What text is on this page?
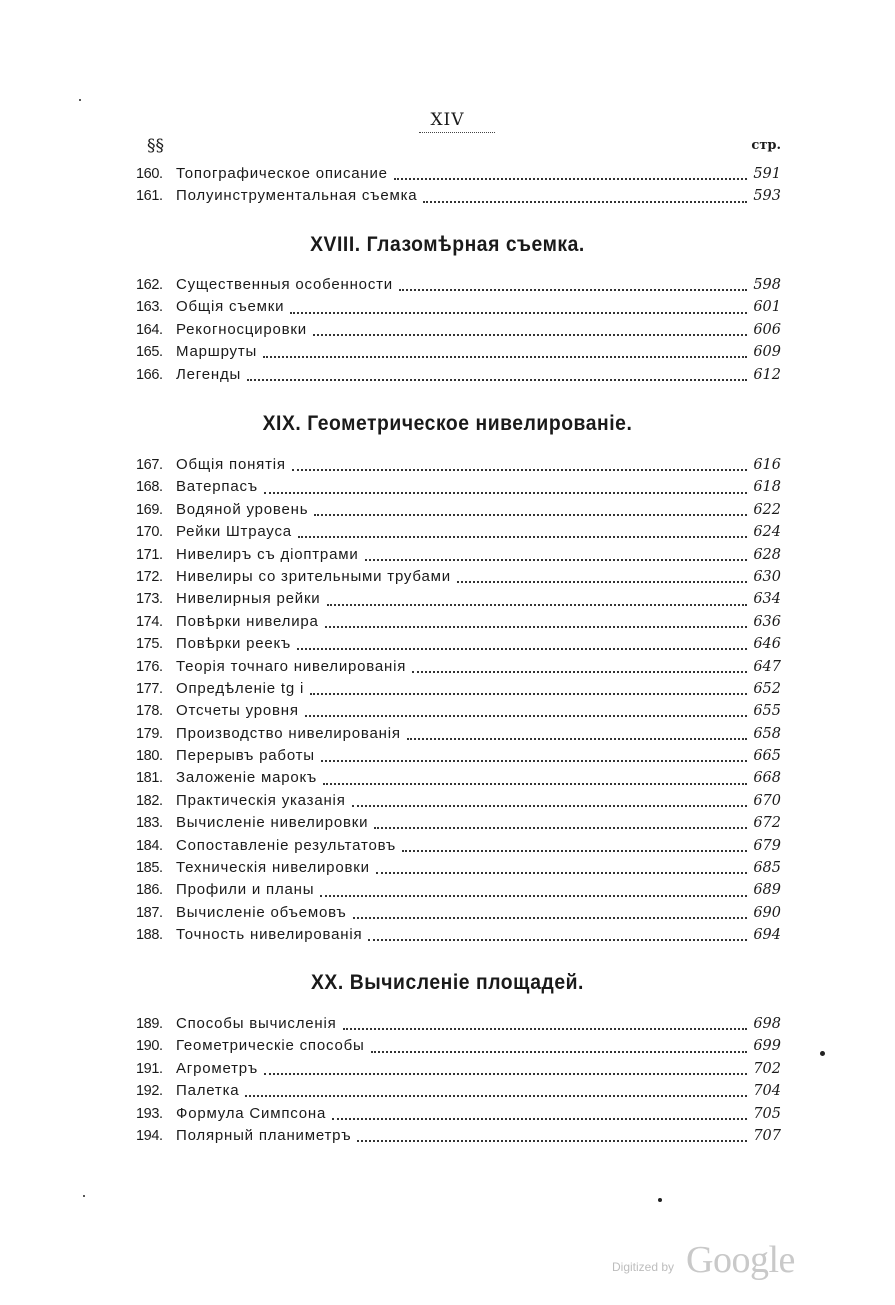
XIV
§§	стр.
160. Топографическое описание	591
161. Полуинструментальная съемка	593
XVIII. Глазомѣрная съемка.
162. Существенныя особенности	598
163. Общія съемки	601
164. Рекогносцировки	606
165. Маршруты	609
166. Легенды	612
XIX. Геометрическое нивелированіе.
167. Общія понятія	616
168. Ватерпасъ	618
169. Водяной уровень	622
170. Рейки Штрауса	624
171. Нивелиръ съ діоптрами	628
172. Нивелиры со зрительными трубами	630
173. Нивелирныя рейки	634
174. Повѣрки нивелира	636
175. Повѣрки реекъ	646
176. Теорія точнаго нивелированія	647
177. Опредѣленіе tg i	652
178. Отсчеты уровня	655
179. Производство нивелированія	658
180. Перерывъ работы	665
181. Заложеніе марокъ	668
182. Практическія указанія	670
183. Вычисленіе нивелировки	672
184. Сопоставленіе результатовъ	679
185. Техническія нивелировки	685
186. Профили и планы	689
187. Вычисленіе объемовъ	690
188. Точность нивелированія	694
XX. Вычисленіе площадей.
189. Способы вычисленія	698
190. Геометрическіе способы	699
191. Агрометръ	702
192. Палетка	704
193. Формула Симпсона	705
194. Полярный планиметръ	707
Digitized by Google
